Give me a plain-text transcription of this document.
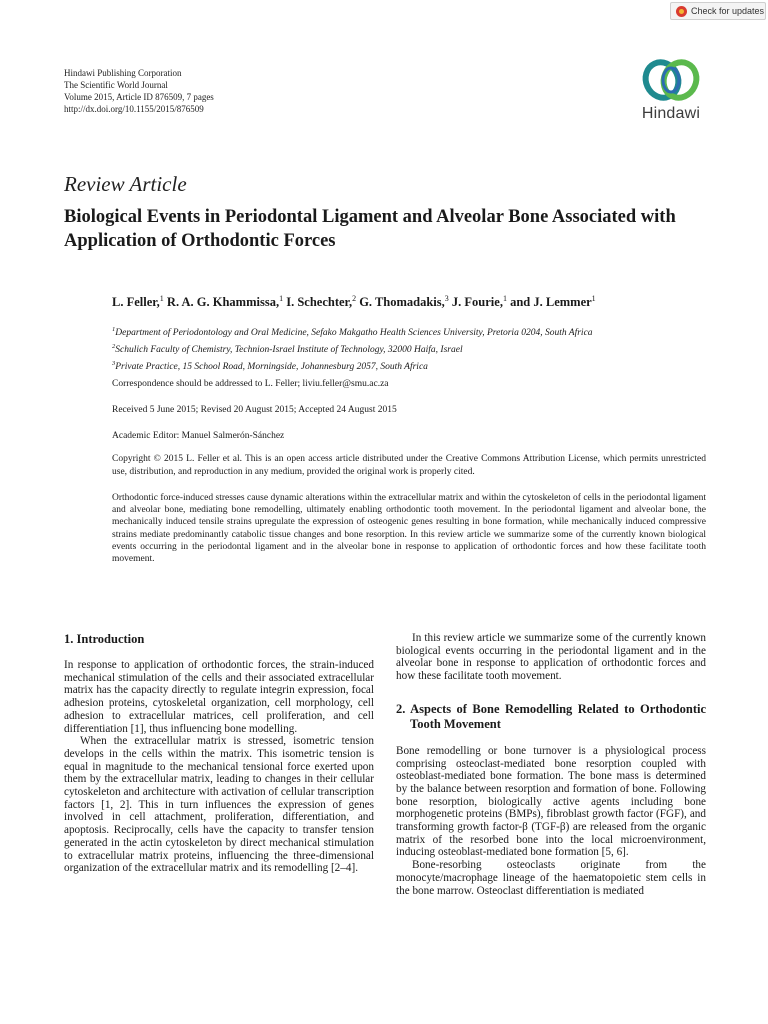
Check for updates
Hindawi Publishing Corporation
The Scientific World Journal
Volume 2015, Article ID 876509, 7 pages
http://dx.doi.org/10.1155/2015/876509	Hindawi
Review Article
Biological Events in Periodontal Ligament and Alveolar Bone Associated with Application of Orthodontic Forces
L. Feller,$^1$ R. A. G. Khammissa,$^1$ I. Schechter,$^2$ G. Thomadakis,$^3$ J. Fourie,$^1$ and J. Lemmer$^1$
$^1$Department of Periodontology and Oral Medicine, Sefako Makgatho Health Sciences University, Pretoria 0204, South Africa
$^2$Schulich Faculty of Chemistry, Technion-Israel Institute of Technology, 32000 Haifa, Israel
$^3$Private Practice, 15 School Road, Morningside, Johannesburg 2057, South Africa
Correspondence should be addressed to L. Feller; liviu.feller@smu.ac.za
Received 5 June 2015; Revised 20 August 2015; Accepted 24 August 2015
Academic Editor: Manuel Salmerón-Sánchez
Copyright © 2015 L. Feller et al. This is an open access article distributed under the Creative Commons Attribution License, which permits unrestricted use, distribution, and reproduction in any medium, provided the original work is properly cited.
Orthodontic force-induced stresses cause dynamic alterations within the extracellular matrix and within the cytoskeleton of cells in the periodontal ligament and alveolar bone, mediating bone remodelling, ultimately enabling orthodontic tooth movement. In the periodontal ligament and alveolar bone, the mechanically induced tensile strains upregulate the expression of osteogenic genes resulting in bone formation, while mechanically induced compressive strains mediate predominantly catabolic tissue changes and bone resorption. In this review article we summarize some of the currently known biological events occurring in the periodontal ligament and in the alveolar bone in response to application of orthodontic forces and how these facilitate tooth movement.
1. Introduction

In response to application of orthodontic forces, the strain-induced mechanical stimulation of the cells and their associated extracellular matrix has the capacity directly to regulate integrin expression, focal adhesion proteins, cytoskeletal organization, cell morphology, cell adhesion to extracellular matrices, cell proliferation, and cell differentiation [1], thus influencing bone modelling.

When the extracellular matrix is stressed, isometric tension develops in the cells within the matrix. This isometric tension is equal in magnitude to the mechanical tensional force exerted upon them by the extracellular matrix, leading to changes in their cellular cytoskeleton and architecture with activation of cellular transcription factors [1, 2]. This in turn influences the expression of genes involved in cell attachment, proliferation, differentiation, and apoptosis. Reciprocally, cells have the capacity to transfer tension generated in the actin cytoskeleton by direct mechanical stimulation to extracellular matrix proteins, influencing the three-dimensional organization of the extracellular matrix and its remodelling [2–4].

In this review article we summarize some of the currently known biological events occurring in the periodontal ligament and in the alveolar bone in response to application of orthodontic forces and how these facilitate tooth movement.

2. Aspects of Bone Remodelling Related to Orthodontic Tooth Movement

Bone remodelling or bone turnover is a physiological process comprising osteoclast-mediated bone resorption coupled with osteoblast-mediated bone formation. The bone mass is determined by the balance between resorption and formation of bone. Following bone resorption, biologically active agents including bone morphogenetic proteins (BMPs), fibroblast growth factor (FGF), and transforming growth factor-β (TGF-β) are released from the organic matrix of the resorbed bone into the local microenvironment, inducing osteoblast-mediated bone formation [5, 6].

Bone-resorbing osteoclasts originate from the monocyte/macrophage lineage of the haematopoietic stem cells in the bone marrow. Osteoclast differentiation is mediated
